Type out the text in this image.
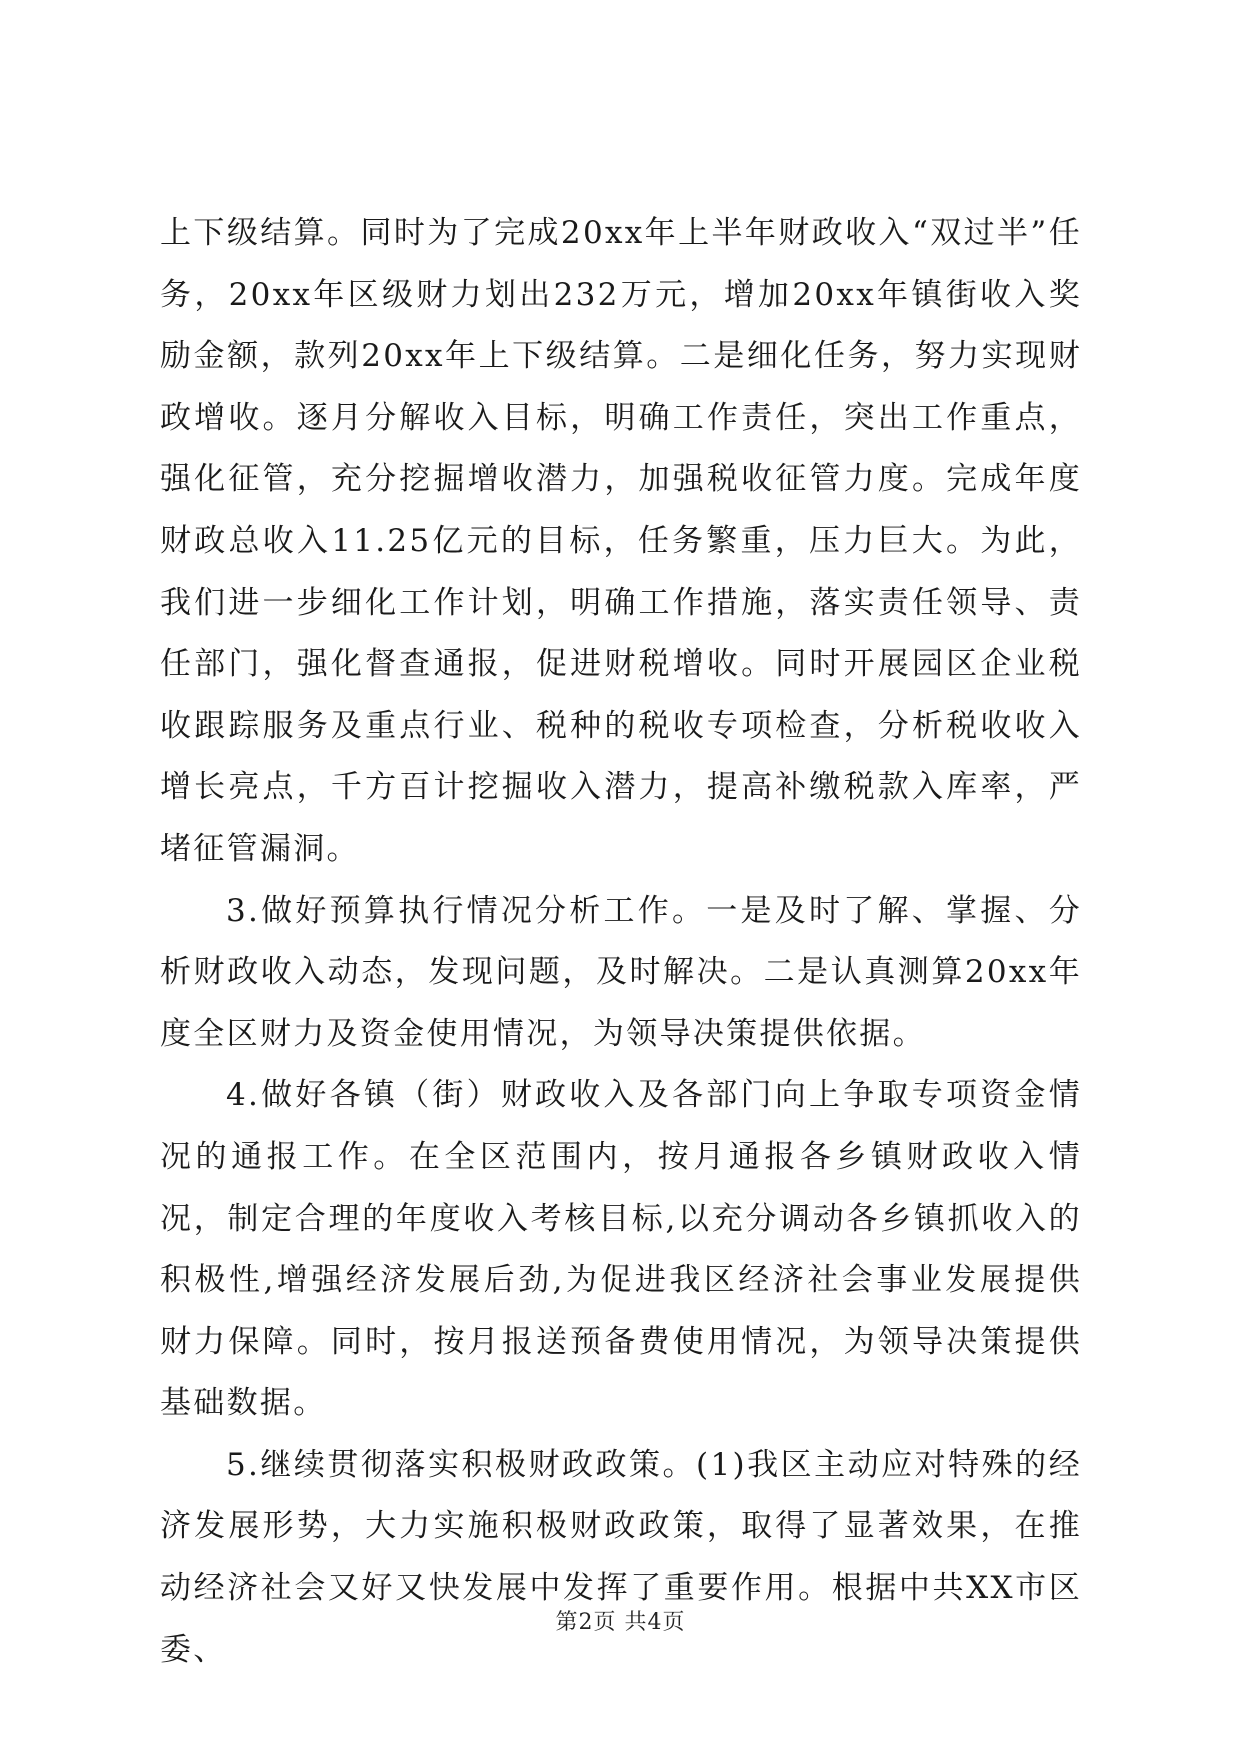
上下级结算。同时为了完成20xx年上半年财政收入“双过半”任务，20xx年区级财力划出232万元，增加20xx年镇街收入奖励金额，款列20xx年上下级结算。二是细化任务，努力实现财政增收。逐月分解收入目标，明确工作责任，突出工作重点，强化征管，充分挖掘增收潜力，加强税收征管力度。完成年度财政总收入11.25亿元的目标，任务繁重，压力巨大。为此，我们进一步细化工作计划，明确工作措施，落实责任领导、责任部门，强化督查通报，促进财税增收。同时开展园区企业税收跟踪服务及重点行业、税种的税收专项检查，分析税收收入增长亮点，千方百计挖掘收入潜力，提高补缴税款入库率，严堵征管漏洞。

3.做好预算执行情况分析工作。一是及时了解、掌握、分析财政收入动态，发现问题，及时解决。二是认真测算20xx年度全区财力及资金使用情况，为领导决策提供依据。

4.做好各镇（街）财政收入及各部门向上争取专项资金情况的通报工作。在全区范围内，按月通报各乡镇财政收入情况，制定合理的年度收入考核目标,以充分调动各乡镇抓收入的积极性,增强经济发展后劲,为促进我区经济社会事业发展提供财力保障。同时，按月报送预备费使用情况，为领导决策提供基础数据。

5.继续贯彻落实积极财政政策。(1)我区主动应对特殊的经济发展形势，大力实施积极财政政策，取得了显著效果，在推动经济社会又好又快发展中发挥了重要作用。根据中共XX市区委、

第2页 共4页
